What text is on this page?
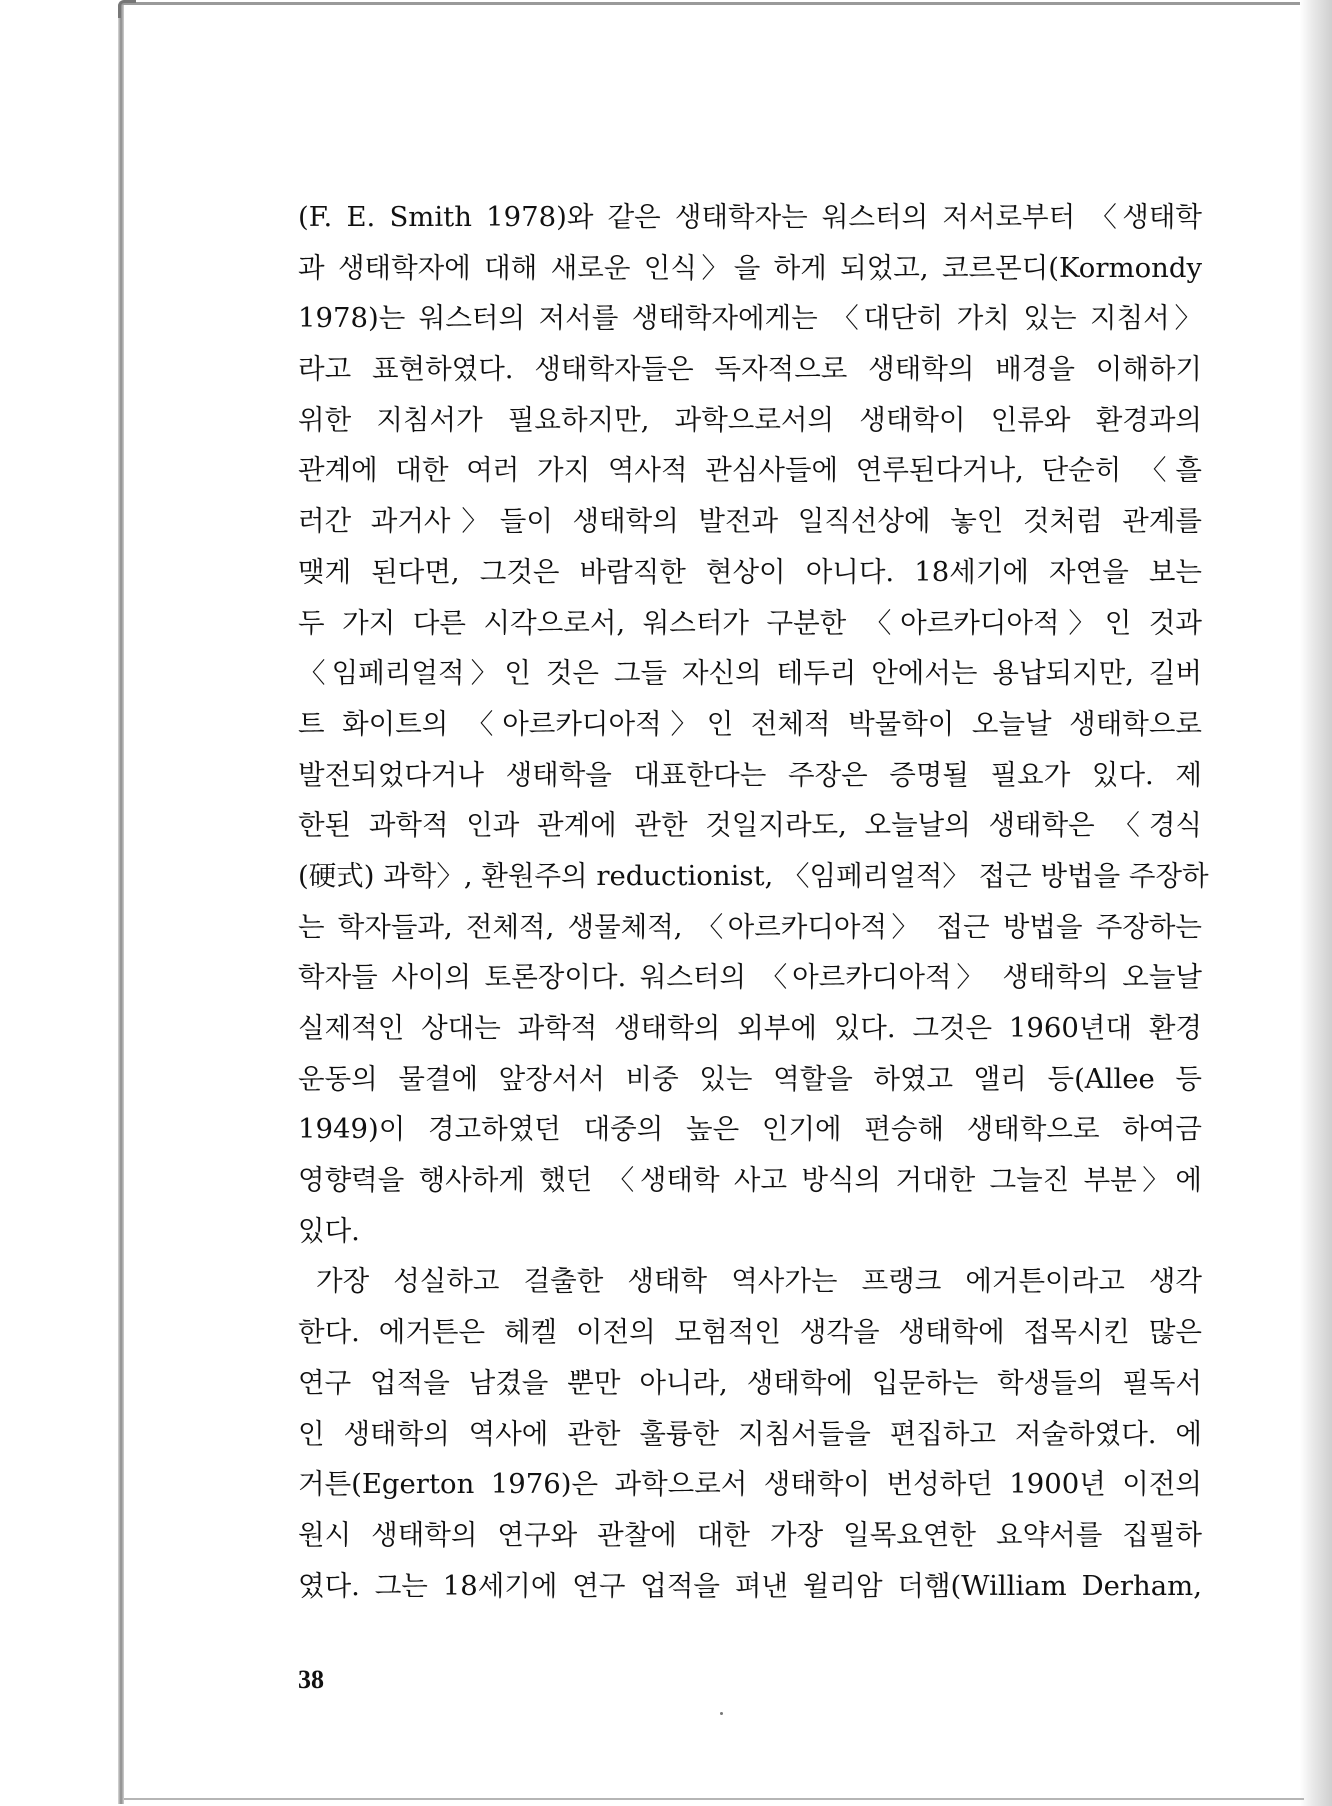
(F. E. Smith 1978)와 같은 생태학자는 워스터의 저서로부터 〈생태학
과 생태학자에 대해 새로운 인식〉을 하게 되었고, 코르몬디(Kormondy
1978)는 워스터의 저서를 생태학자에게는 〈대단히 가치 있는 지침서〉
라고 표현하였다. 생태학자들은 독자적으로 생태학의 배경을 이해하기
위한 지침서가 필요하지만, 과학으로서의 생태학이 인류와 환경과의
관계에 대한 여러 가지 역사적 관심사들에 연루된다거나, 단순히 〈흘
러간 과거사〉들이 생태학의 발전과 일직선상에 놓인 것처럼 관계를
맺게 된다면, 그것은 바람직한 현상이 아니다. 18세기에 자연을 보는
두 가지 다른 시각으로서, 워스터가 구분한 〈아르카디아적〉인 것과
〈임페리얼적〉인 것은 그들 자신의 테두리 안에서는 용납되지만, 길버
트 화이트의 〈아르카디아적〉인 전체적 박물학이 오늘날 생태학으로
발전되었다거나 생태학을 대표한다는 주장은 증명될 필요가 있다. 제
한된 과학적 인과 관계에 관한 것일지라도, 오늘날의 생태학은 〈경식
(硬式) 과학〉, 환원주의 reductionist, 〈임페리얼적〉 접근 방법을 주장하
는 학자들과, 전체적, 생물체적, 〈아르카디아적〉 접근 방법을 주장하는
학자들 사이의 토론장이다. 워스터의 〈아르카디아적〉 생태학의 오늘날
실제적인 상대는 과학적 생태학의 외부에 있다. 그것은 1960년대 환경
운동의 물결에 앞장서서 비중 있는 역할을 하였고 앨리 등(Allee 등
1949)이 경고하였던 대중의 높은 인기에 편승해 생태학으로 하여금
영향력을 행사하게 했던 〈생태학 사고 방식의 거대한 그늘진 부분〉에
있다.
가장 성실하고 걸출한 생태학 역사가는 프랭크 에거튼이라고 생각
한다. 에거튼은 헤켈 이전의 모험적인 생각을 생태학에 접목시킨 많은
연구 업적을 남겼을 뿐만 아니라, 생태학에 입문하는 학생들의 필독서
인 생태학의 역사에 관한 훌륭한 지침서들을 편집하고 저술하였다. 에
거튼(Egerton 1976)은 과학으로서 생태학이 번성하던 1900년 이전의
원시 생태학의 연구와 관찰에 대한 가장 일목요연한 요약서를 집필하
였다. 그는 18세기에 연구 업적을 펴낸 윌리암 더햄(William Derham,
38
